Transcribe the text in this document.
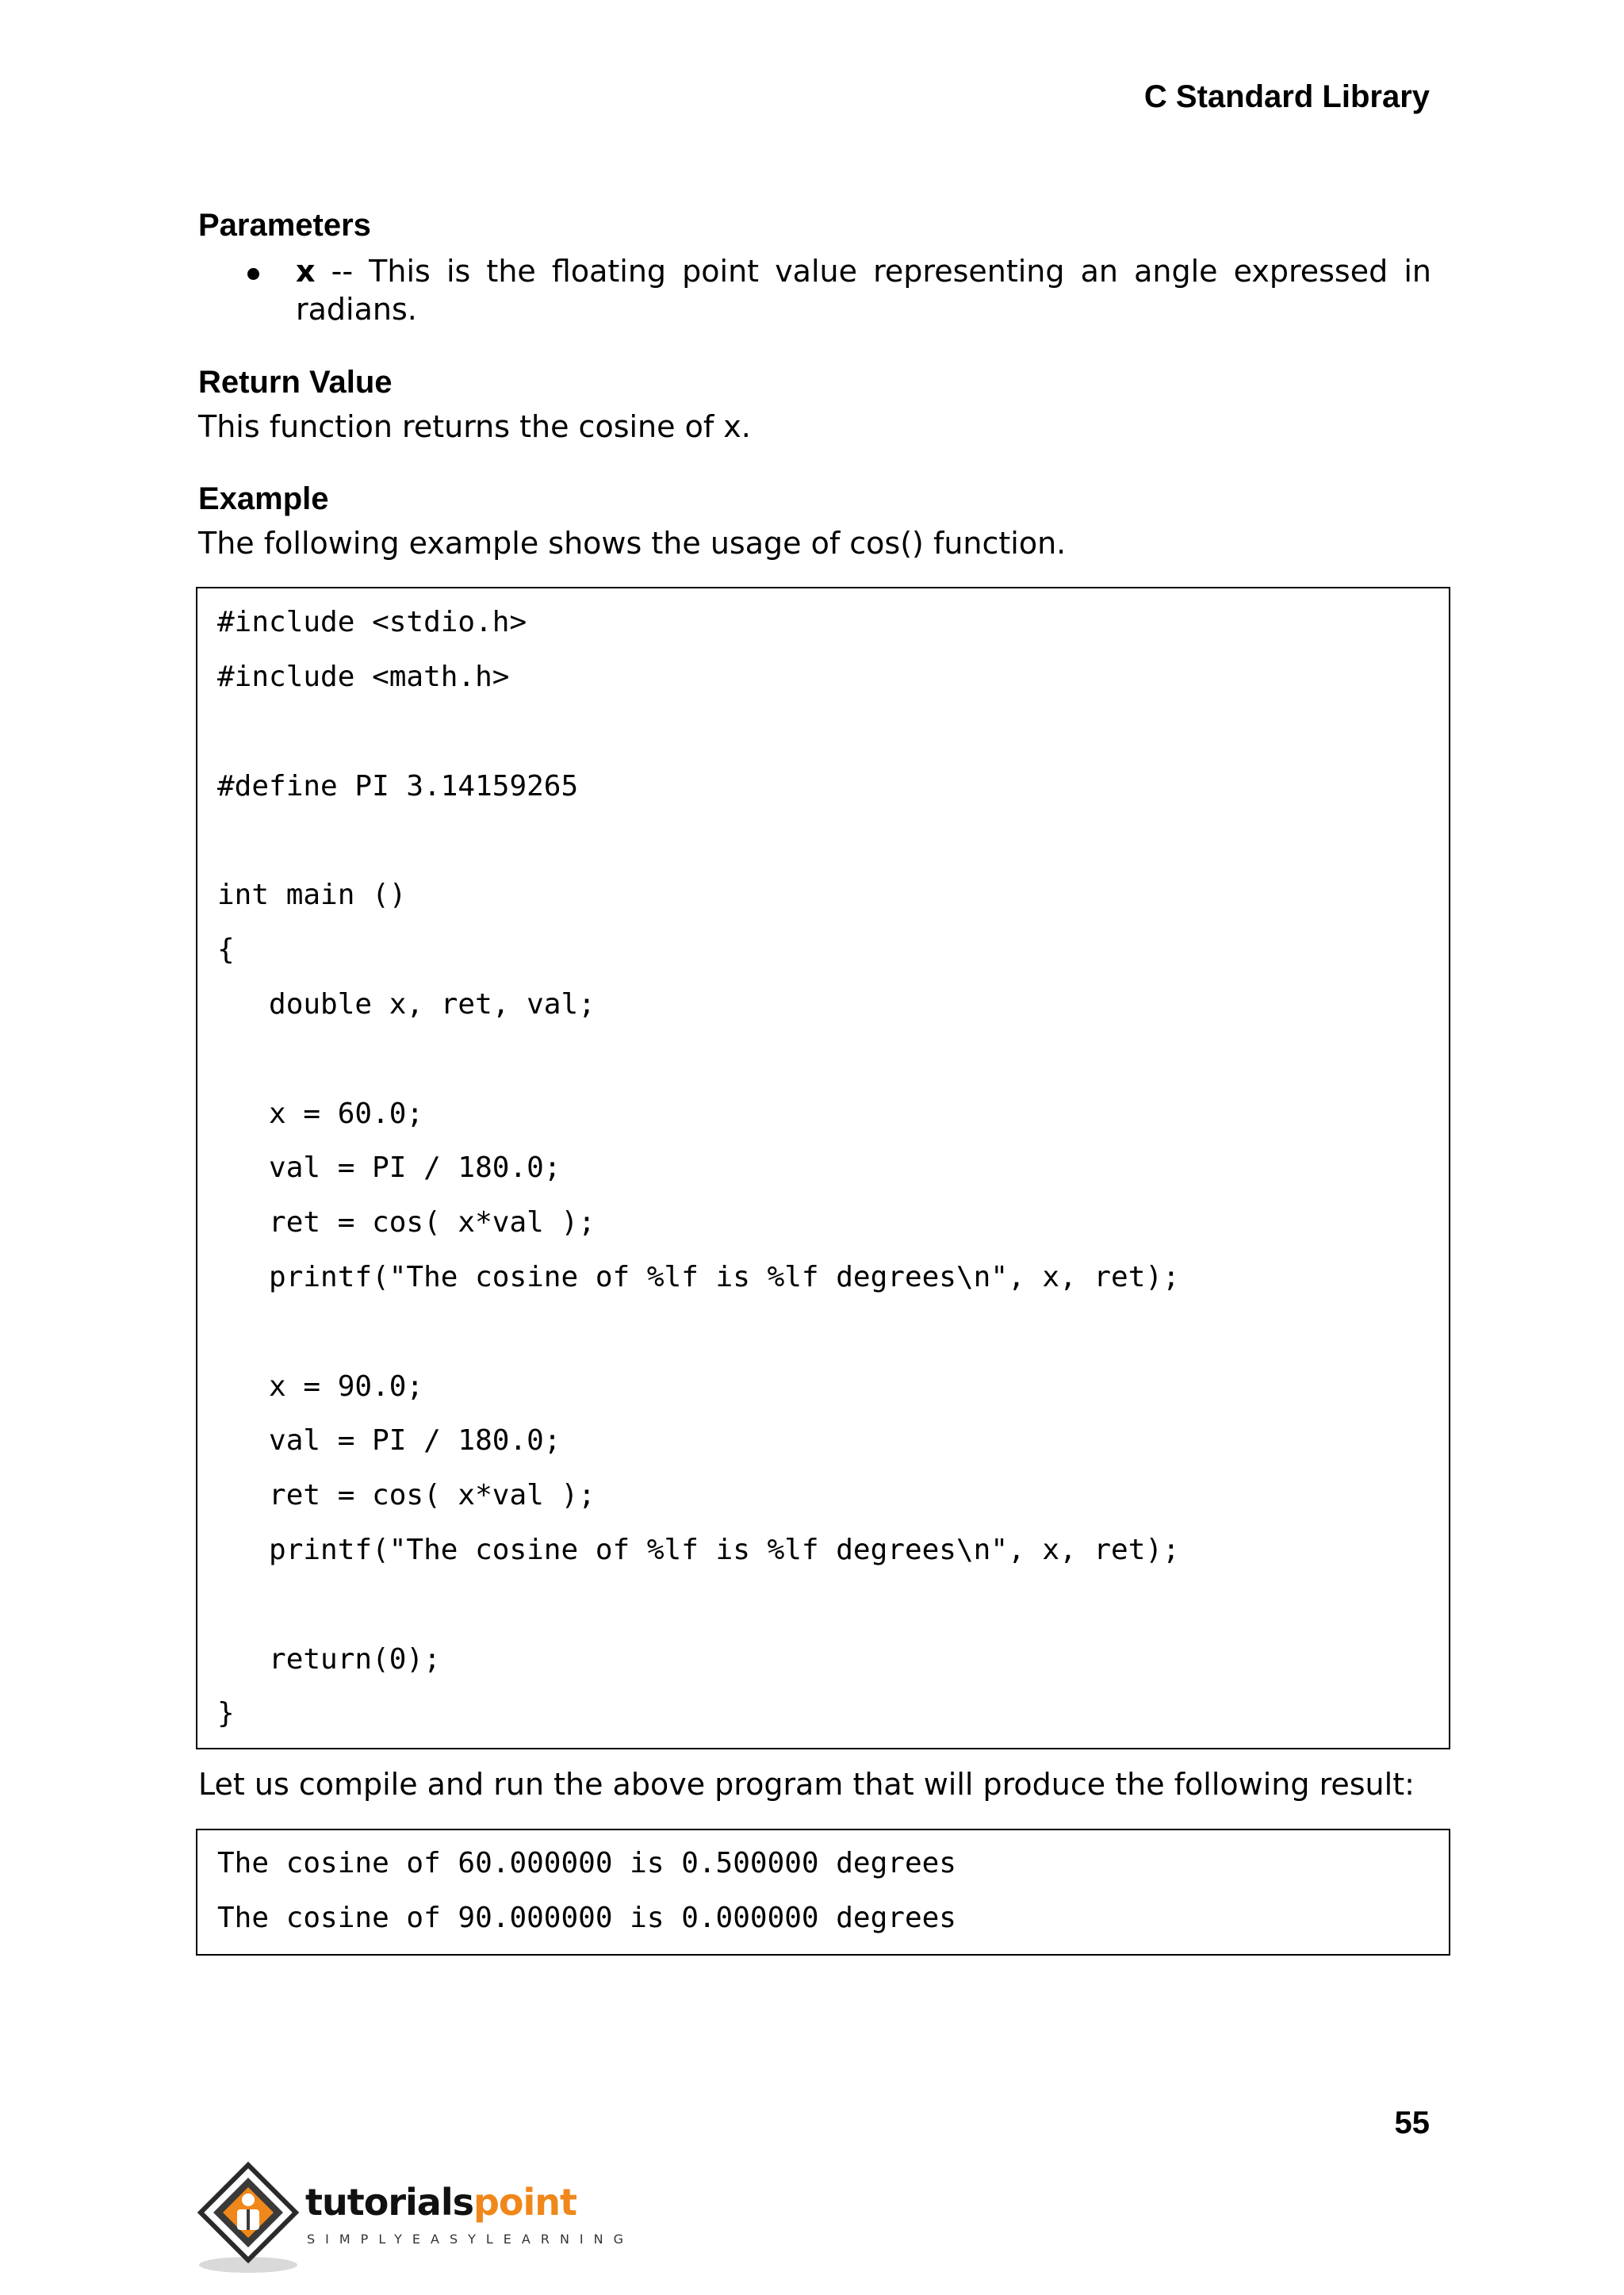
C Standard Library
Parameters
x -- This is the floating point value representing an angle expressed in radians.
Return Value
This function returns the cosine of x.
Example
The following example shows the usage of cos() function.
#include <stdio.h>
#include <math.h>
#define PI 3.14159265
int main ()
{
double x, ret, val;
x = 60.0;
val = PI / 180.0;
ret = cos( x*val );
printf("The cosine of %lf is %lf degrees\n", x, ret);
x = 90.0;
val = PI / 180.0;
ret = cos( x*val );
printf("The cosine of %lf is %lf degrees\n", x, ret);
return(0);
}
Let us compile and run the above program that will produce the following result:
The cosine of 60.000000 is 0.500000 degrees
The cosine of 90.000000 is 0.000000 degrees
55
tutorialspoint
SIMPLYEASYLEARNING
